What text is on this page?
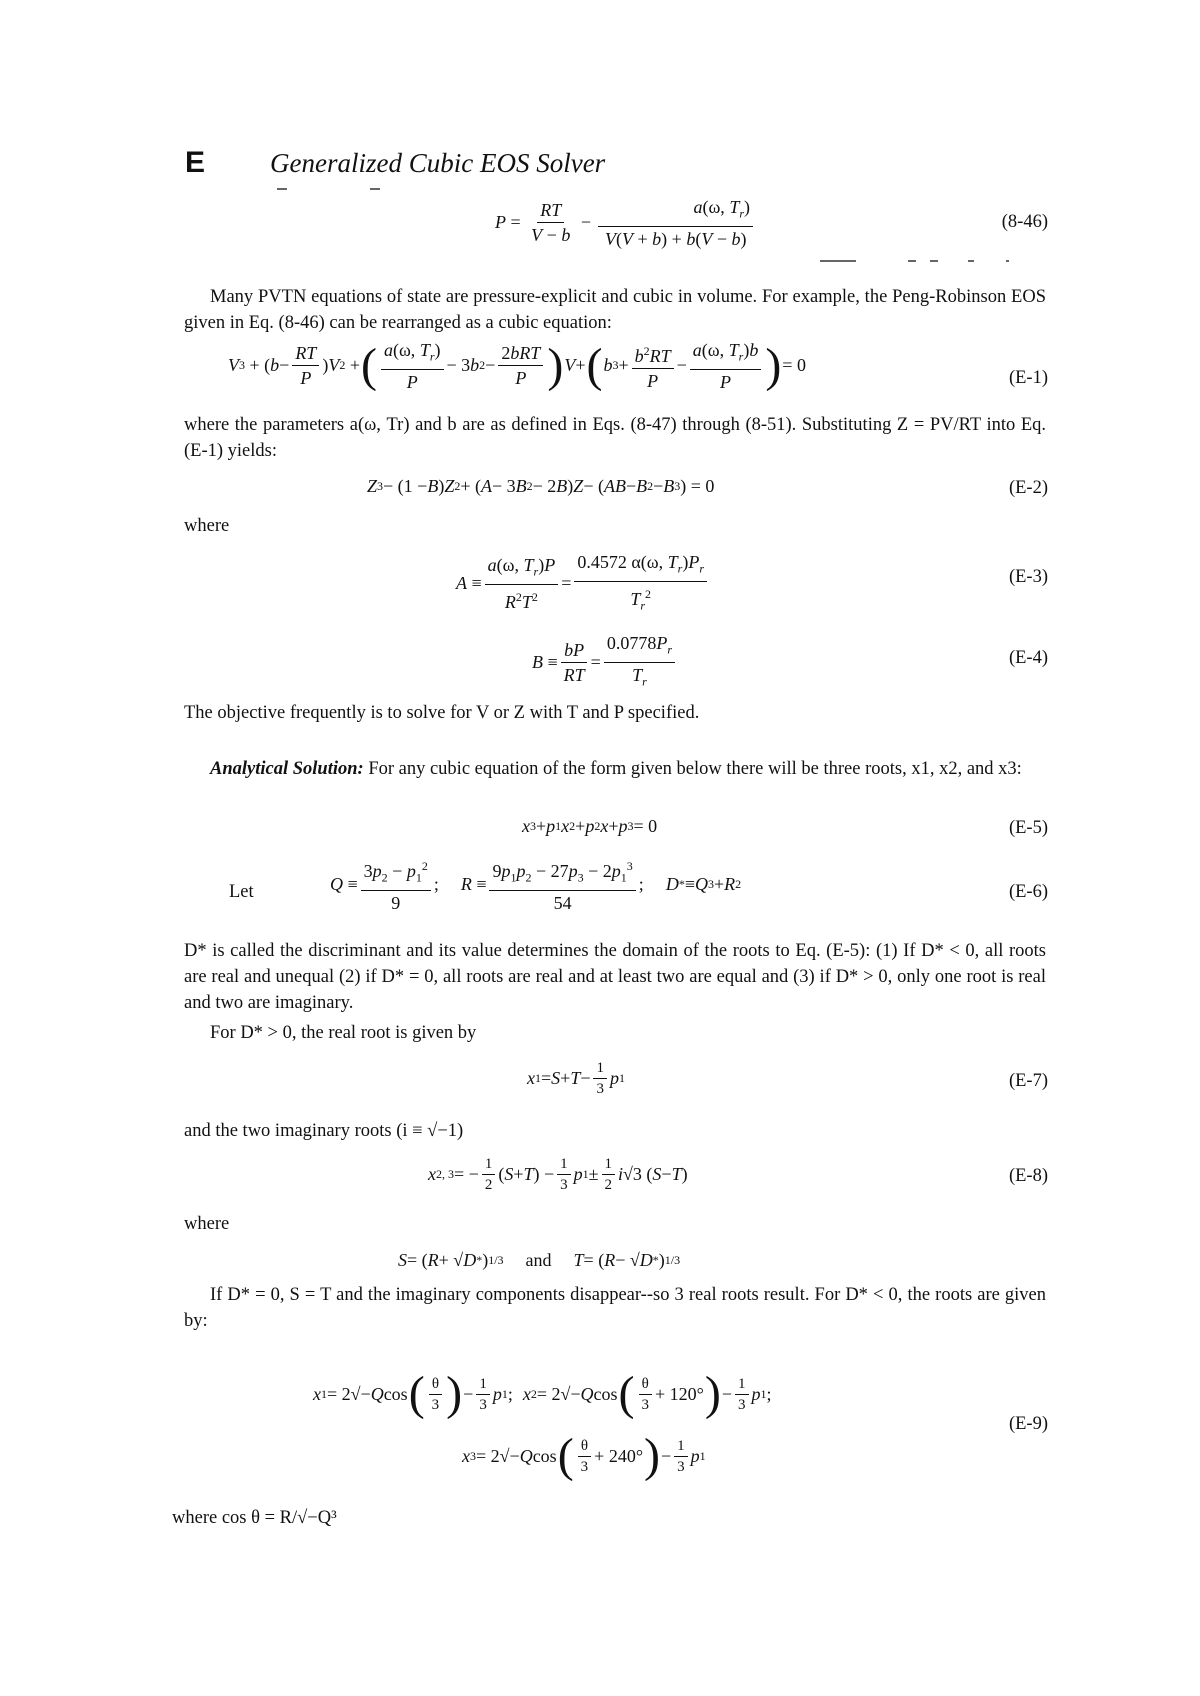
E Generalized Cubic EOS Solver
$P = \frac{RT}{V - b} - \frac{a(\omega, T_r)}{V(V + b) + b(V - b)}$	(8-46)

Many PVTN equations of state are pressure-explicit and cubic in volume. For example, the Peng-Robinson EOS given in Eq. (8-46) can be rearranged as a cubic equation:

V 3 + ( $b - \frac{RT}{P}$ ) V 2 + ( $\frac{a(\omega, T_r)}{P} - 3$ b $2 - \frac{\text{2bRT}}{P}$ ) V + ( b $3 + \frac{b^2RT}{P} - \frac{a(\omega, T_r)b}{P}$ ) = 0
(E-1)

where the parameters a(ω, Tr) and b are as defined in Eqs. (8-47) through (8-51). Substituting Z = PV/RT into Eq. (E-1) yields:

Z 3 − (1 − B ) Z 2 + ( A − 3 B 2 − 2 B ) Z − ( AB − B 2 − B 3 ) = 0	(E-2)
where
$A \equiv \frac{a(\omega, T_r)P}{R^2T^2} = \frac{0.4572 \alpha(\omega, T_r)P_r}{T_r^2}$	(E-3)
$B \equiv \frac{bP}{RT} = \frac{0.0778P_r}{T_r}$	(E-4)

The objective frequently is to solve for V or Z with T and P specified.

Analytical Solution: For any cubic equation of the form given below there will be three roots, x1, x2, and x3:

x 3 + p 1 x 2 + p 2 x + p 3 = 0	(E-5)
Let	$Q \equiv \frac{3p_2 - p_1^2}{9}$ ; $R \equiv \frac{9p_1p_2 - 27p_3 - 2p_1^3}{54}$ ; D * ≡ Q 3 + R 2	(E-6)

D* is called the discriminant and its value determines the domain of the roots to Eq. (E-5): (1) If D* < 0, all roots are real and unequal (2) if D* = 0, all roots are real and at least two are equal and (3) if D* > 0, only one root is real and two are imaginary.

For D* > 0, the real root is given by

x $1 = S + T - \frac{1}{3}$ p 1	(E-7)

and the two imaginary roots (i ≡ √−1)

x 2, 3 = − $\frac{1}{2}$ ( S + T ) − $\frac{1}{3}$ p $1 \pm \frac{1}{2}$ i √3 ( S − T )	(E-8)
where
S = ( R + √ D * ) 1/3 and T = ( R − √ D * ) 1/3

If D* = 0, S = T and the imaginary components disappear--so 3 real roots result. For D* < 0, the roots are given by:

x 1 = 2√− Q cos ( $\frac{\theta}{3}$ ) − $\frac{1}{3}$ p 1 ; x 2 = 2√− Q cos ( $\frac{\theta}{3} + 120^\circ$ ) − $\frac{1}{3}$ p 1 ;
x 3 = 2√− Q cos ( $\frac{\theta}{3} + 240^\circ$ ) − $\frac{1}{3}$ p 1
(E-9)
where cos θ = R/√−Q³
